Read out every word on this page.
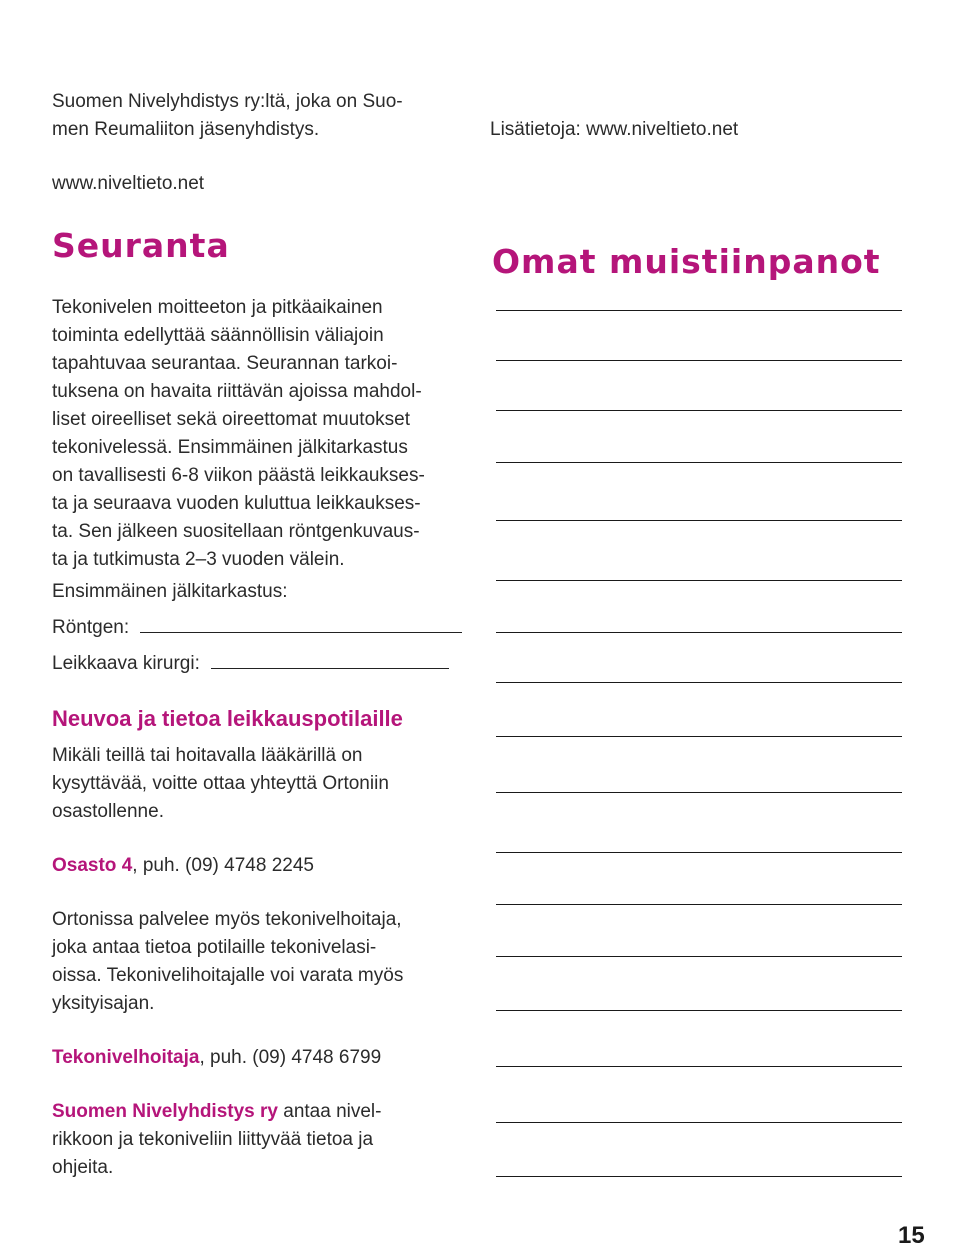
Suomen Nivelyhdistys ry:ltä, joka on Suo-
men Reumaliiton jäsenyhdistys.	Lisätietoja: www.niveltieto.net
www.niveltieto.net
Seuranta
Tekonivelen moitteeton ja pitkäaikainen
toiminta edellyttää säännöllisin väliajoin
tapahtuvaa seurantaa. Seurannan tarkoi-
tuksena on havaita riittävän ajoissa mahdol-
liset oireelliset sekä oireettomat muutokset
tekonivelessä. Ensimmäinen jälkitarkastus
on tavallisesti 6-8 viikon päästä leikkaukses-
ta ja seuraava vuoden kuluttua leikkaukses-
ta. Sen jälkeen suositellaan röntgenkuvaus-
ta ja tutkimusta 2–3 vuoden välein.
Ensimmäinen jälkitarkastus:
Röntgen:
Leikkaava kirurgi:
Neuvoa ja tietoa leikkauspotilaille
Mikäli teillä tai hoitavalla lääkärillä on
kysyttävää, voitte ottaa yhteyttä Ortoniin
osastollenne.
Osasto 4, puh. (09) 4748 2245
Ortonissa palvelee myös tekonivelhoitaja,
joka antaa tietoa potilaille tekonivelasi-
oissa. Tekonivelihoitajalle voi varata myös
yksityisajan.
Tekonivelhoitaja, puh. (09) 4748 6799
Suomen Nivelyhdistys ry antaa nivel-
rikkoon ja tekoniveliin liittyvää tietoa ja
ohjeita.
Omat muistiinpanot
15
